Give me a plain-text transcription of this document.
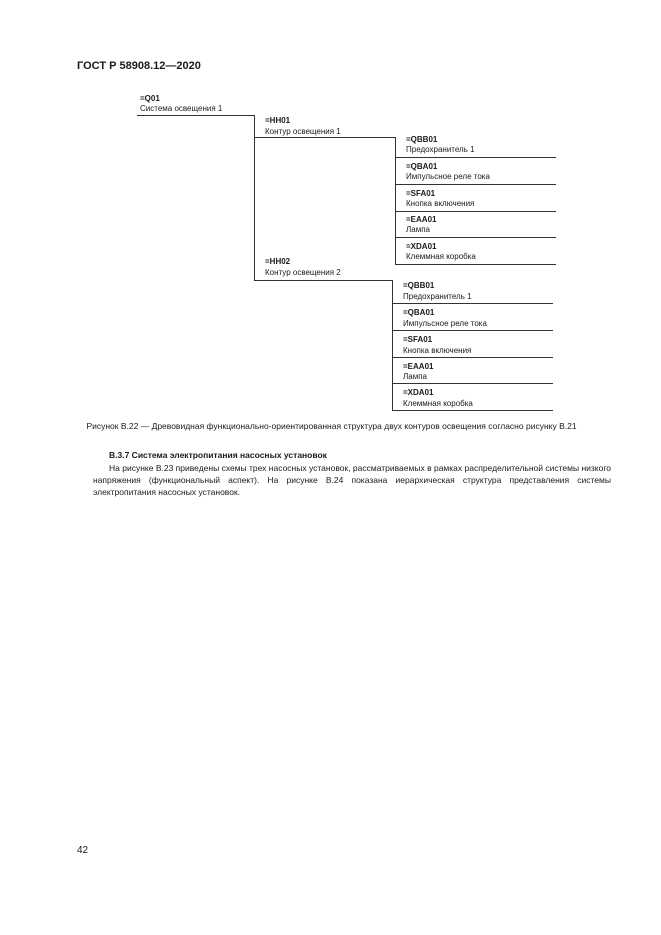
ГОСТ Р 58908.12—2020
=Q01
Система освещения 1
=HH01
Контур освещения 1
=QBB01
Предохранитель 1
=QBA01
Импульсное реле тока
=SFA01
Кнопка включения
=EAA01
Лампа
=XDA01
Клеммная коробка
=HH02
Контур освещения 2
=QBB01
Предохранитель 1
=QBA01
Импульсное реле тока
=SFA01
Кнопка включения
=EAA01
Лампа
=XDA01
Клеммная коробка
Рисунок В.22 — Древовидная функционально-ориентированная структура двух контуров освещения согласно рисунку В.21
В.3.7 Система электропитания насосных установок
На рисунке В.23 приведены схемы трех насосных установок, рассматриваемых в рамках распределительной системы низкого напряжения (функциональный аспект). На рисунке В.24 показана иерархическая структура представления системы электропитания насосных установок.
42
